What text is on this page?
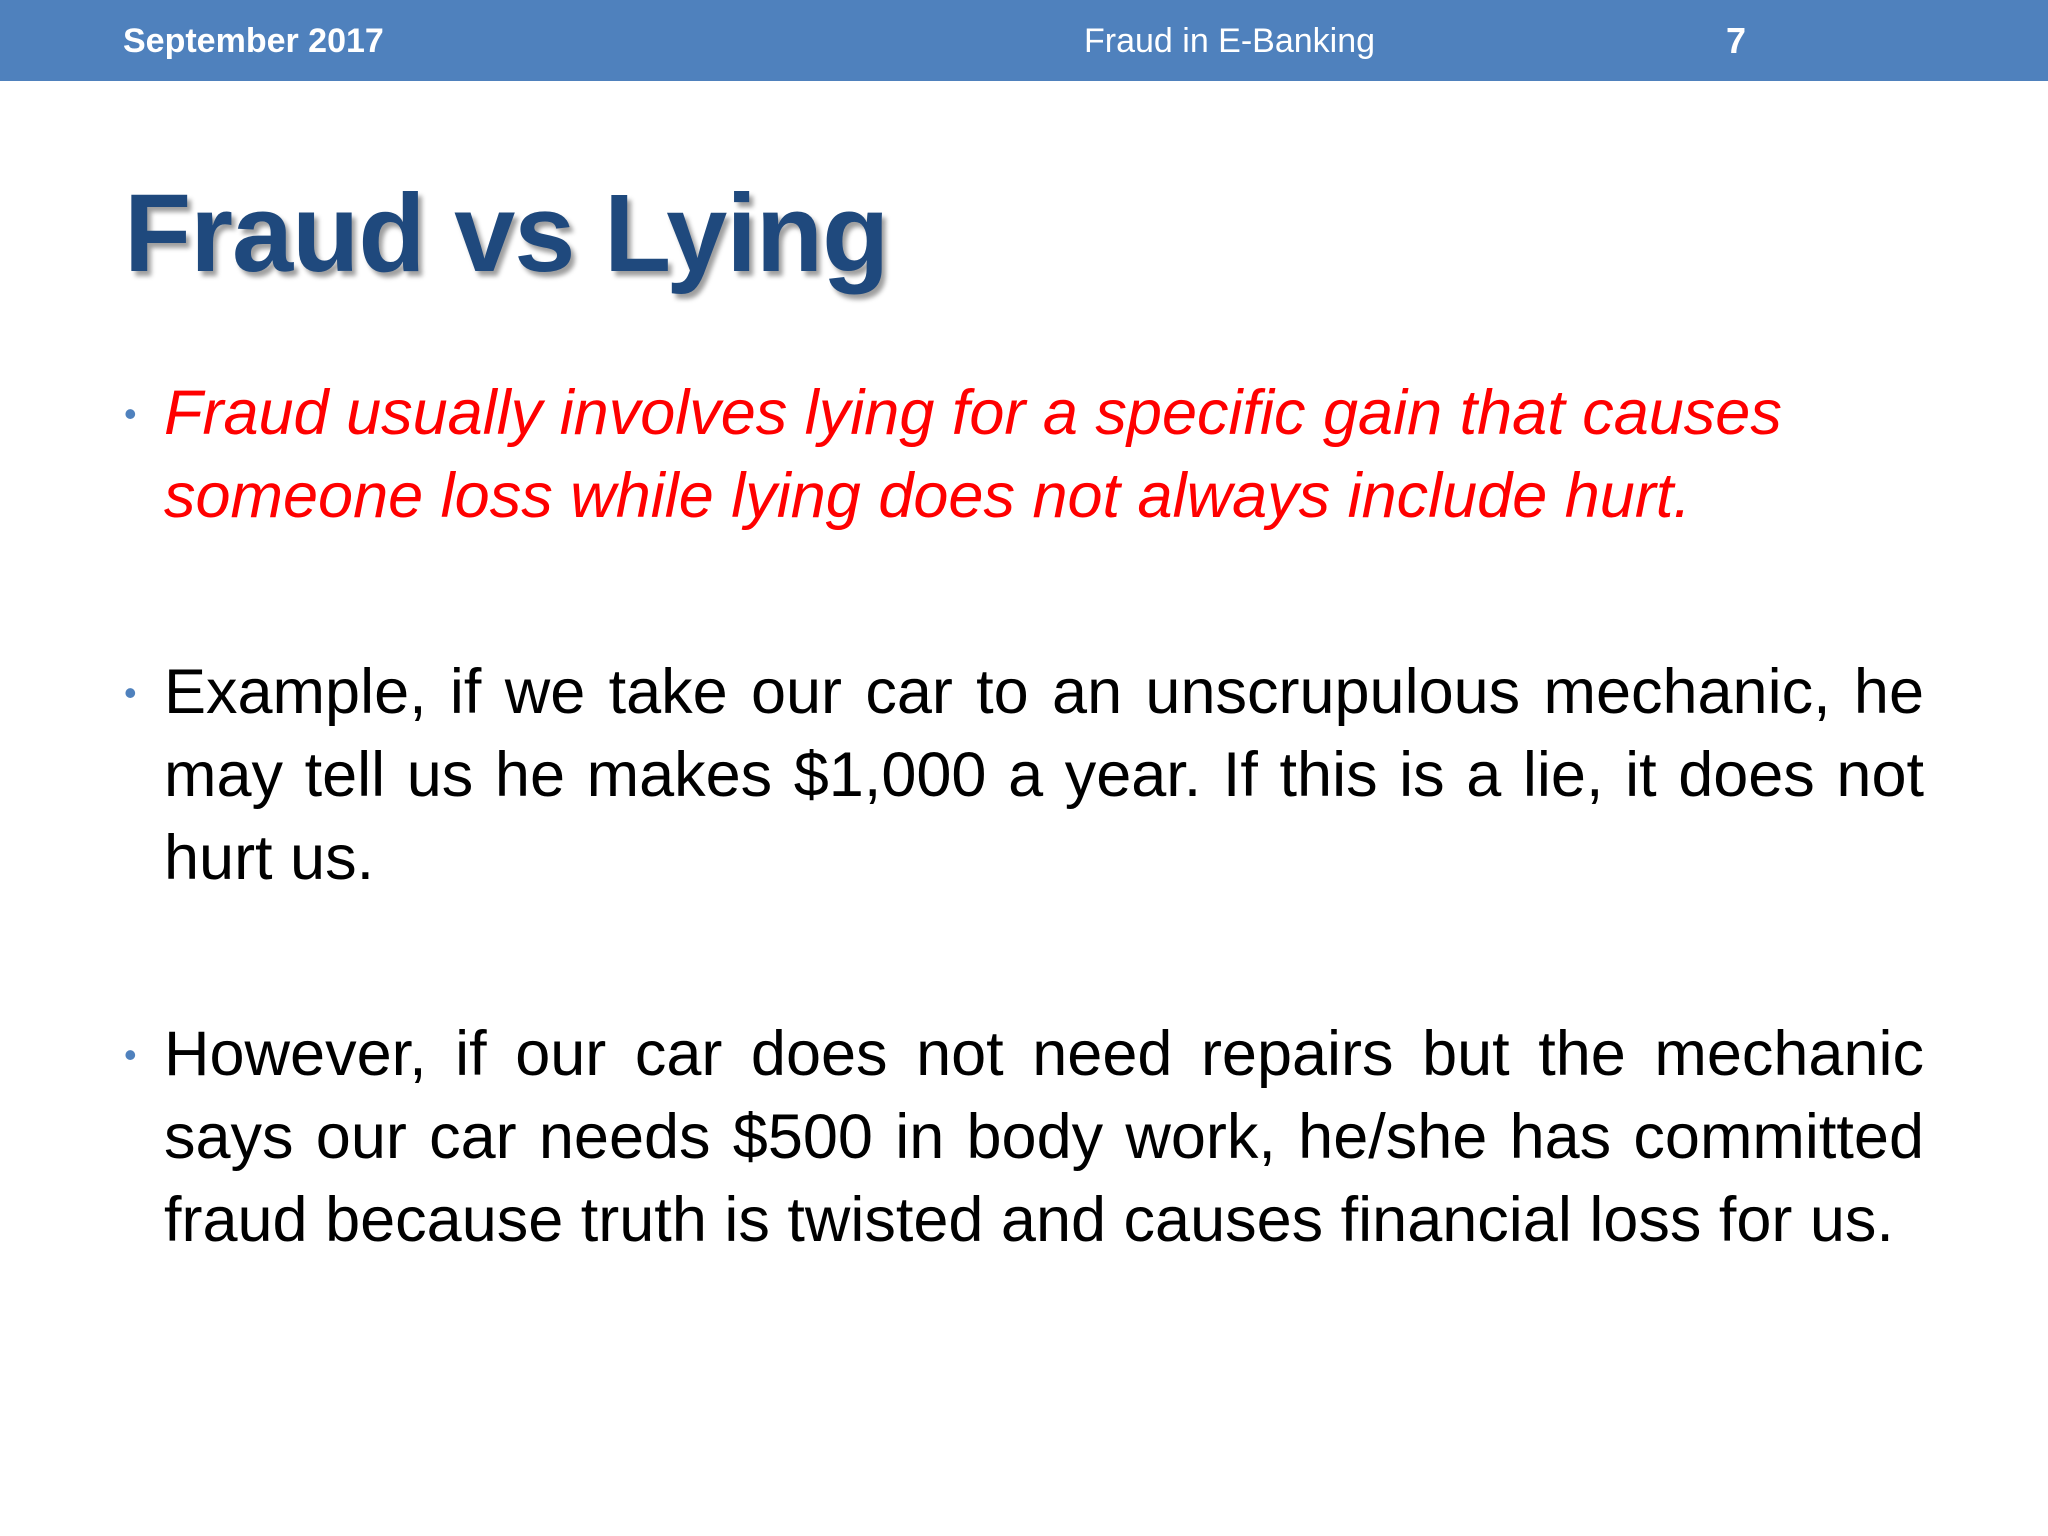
September 2017	Fraud in E-Banking	7
Fraud vs Lying
• Fraud usually involves lying for a specific gain that causes someone loss while lying does not always include hurt.
• Example, if we take our car to an unscrupulous mechanic, he may tell us he makes $1,000 a year. If this is a lie, it does not hurt us.
• However, if our car does not need repairs but the mechanic says our car needs $500 in body work, he/she has committed fraud because truth is twisted and causes financial loss for us.
